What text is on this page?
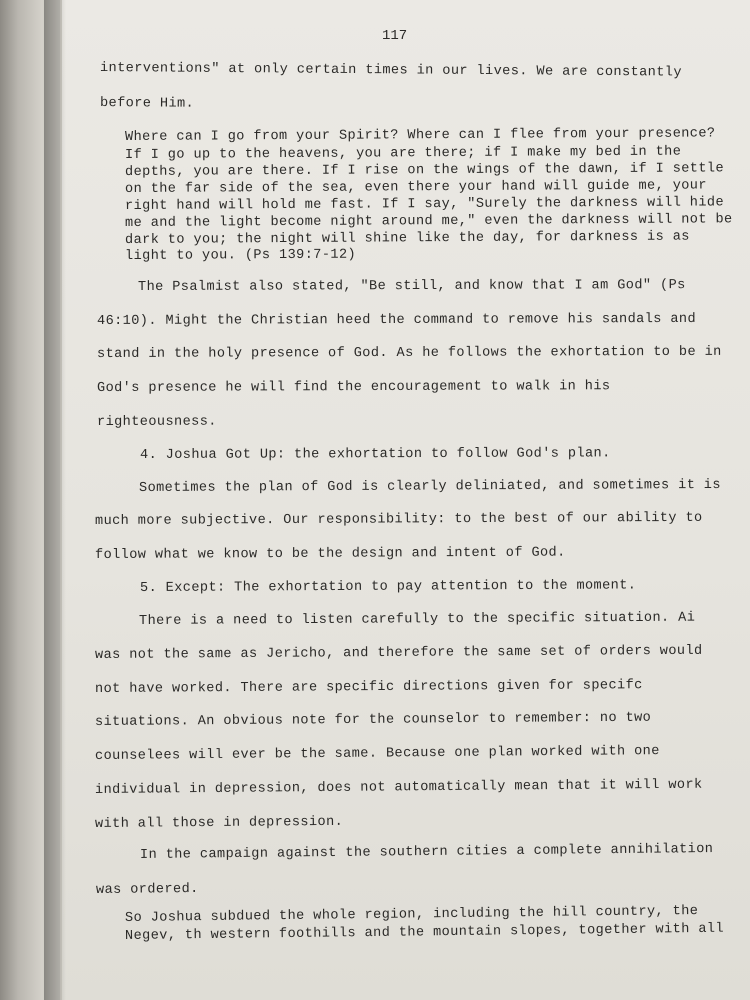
117
interventions" at only certain times in our lives. We are constantly
before Him.
Where can I go from your Spirit? Where can I flee from your presence?
If I go up to the heavens, you are there; if I make my bed in the
depths, you are there. If I rise on the wings of the dawn, if I settle
on the far side of the sea, even there your hand will guide me, your
right hand will hold me fast. If I say, "Surely the darkness will hide
me and the light become night around me," even the darkness will not be
dark to you; the night will shine like the day, for darkness is as
light to you. (Ps 139:7-12)
The Psalmist also stated, "Be still, and know that I am God" (Ps
46:10). Might the Christian heed the command to remove his sandals and
stand in the holy presence of God. As he follows the exhortation to be in
God's presence he will find the encouragement to walk in his
righteousness.
4. Joshua Got Up: the exhortation to follow God's plan.
Sometimes the plan of God is clearly deliniated, and sometimes it is
much more subjective. Our responsibility: to the best of our ability to
follow what we know to be the design and intent of God.
5. Except: The exhortation to pay attention to the moment.
There is a need to listen carefully to the specific situation. Ai
was not the same as Jericho, and therefore the same set of orders would
not have worked. There are specific directions given for specifc
situations. An obvious note for the counselor to remember: no two
counselees will ever be the same. Because one plan worked with one
individual in depression, does not automatically mean that it will work
with all those in depression.
In the campaign against the southern cities a complete annihilation
was ordered.
So Joshua subdued the whole region, including the hill country, the
Negev, th western foothills and the mountain slopes, together with all
